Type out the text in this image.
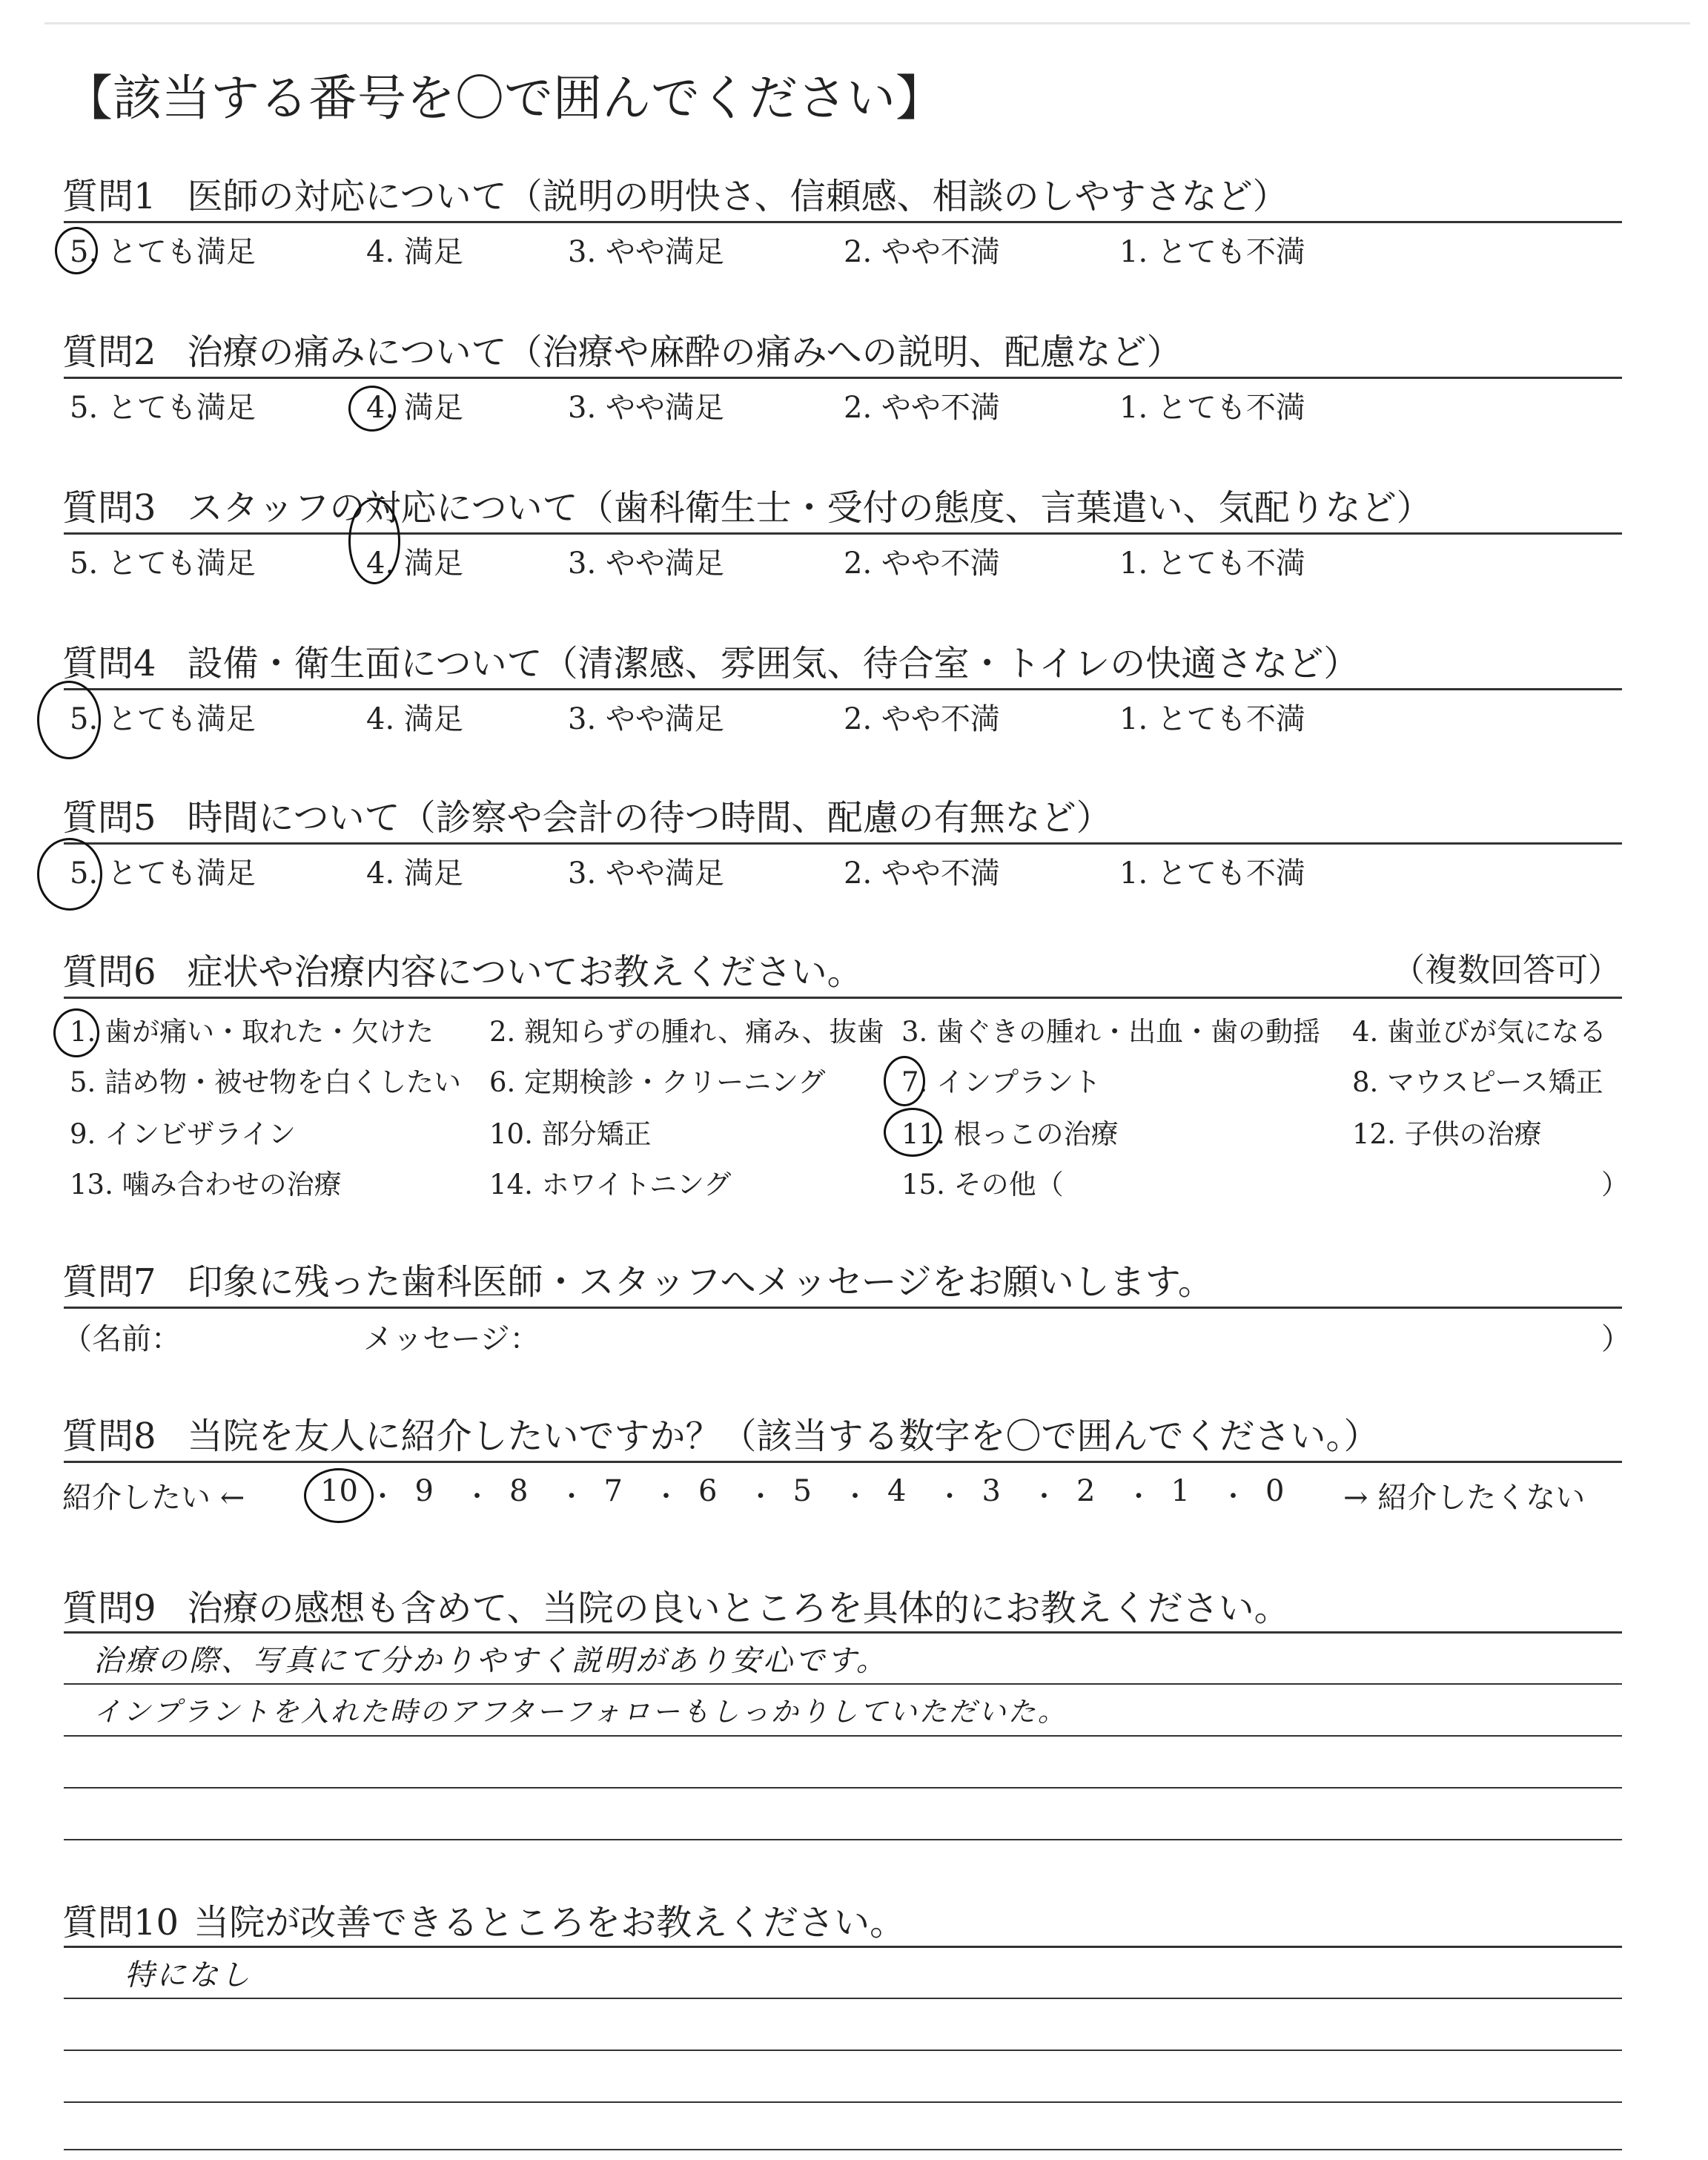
【該当する番号を〇で囲んでください】
質問1 医師の対応について（説明の明快さ、信頼感、相談のしやすさなど）
5. とても満足	4. 満足	3. やや満足	2. やや不満	1. とても不満
質問2 治療の痛みについて（治療や麻酔の痛みへの説明、配慮など）
5. とても満足	4. 満足	3. やや満足	2. やや不満	1. とても不満
質問3 スタッフの対応について（歯科衛生士・受付の態度、言葉遣い、気配りなど）
5. とても満足	4. 満足	3. やや満足	2. やや不満	1. とても不満
質問4 設備・衛生面について（清潔感、雰囲気、待合室・トイレの快適さなど）
5. とても満足	4. 満足	3. やや満足	2. やや不満	1. とても不満
質問5 時間について（診察や会計の待つ時間、配慮の有無など）
5. とても満足	4. 満足	3. やや満足	2. やや不満	1. とても不満
質問6 症状や治療内容についてお教えください。	（複数回答可）
1. 歯が痛い・取れた・欠けた 2. 親知らずの腫れ、痛み、抜歯 3. 歯ぐきの腫れ・出血・歯の動揺 4. 歯並びが気になる
5. 詰め物・被せ物を白くしたい 6. 定期検診・クリーニング	7. インプラント	8. マウスピース矯正
9. インビザライン	10. 部分矯正	11. 根っこの治療	12. 子供の治療
13. 噛み合わせの治療	14. ホワイトニング	15. その他（	）
質問7 印象に残った歯科医師・スタッフへメッセージをお願いします。
（名前：	メッセージ：	）
質問8 当院を友人に紹介したいですか？（該当する数字を〇で囲んでください。）
紹介したい ←	10 ・ 9 ・ 8 ・ 7 ・ 6 ・ 5 ・ 4 ・ 3 ・ 2 ・ 1 ・ 0 → 紹介したくない
質問9 治療の感想も含めて、当院の良いところを具体的にお教えください。
治療の際、写真にて分かりやすく説明があり安心です。
インプラントを入れた時のアフターフォローもしっかりしていただいた。
質問10 当院が改善できるところをお教えください。
特になし
